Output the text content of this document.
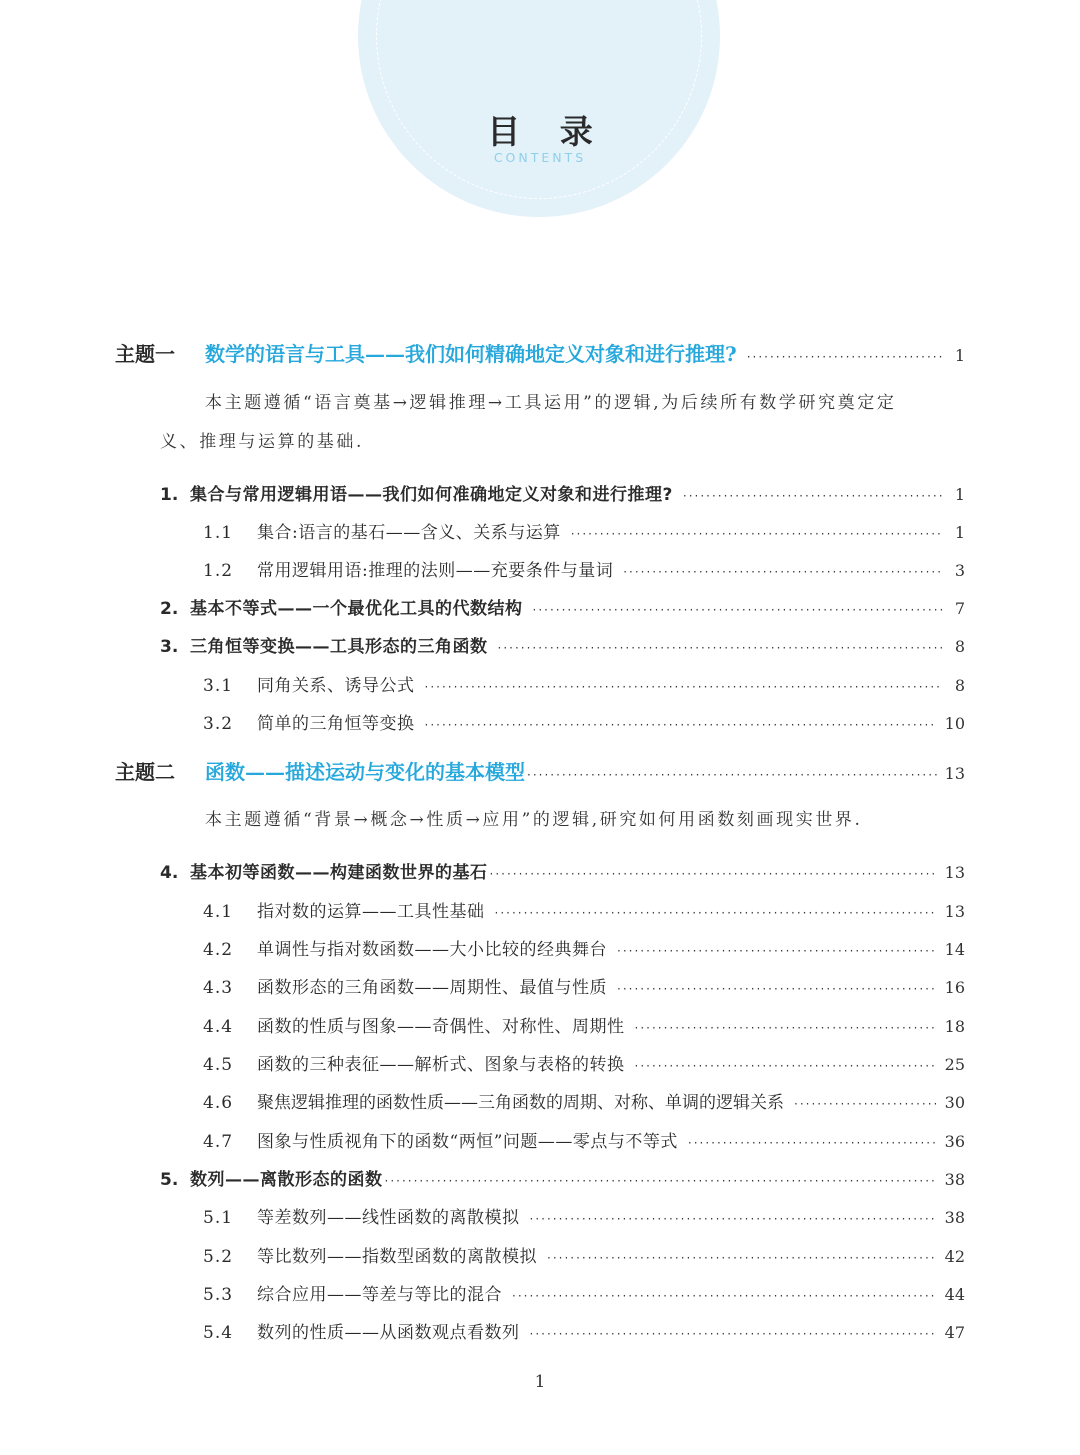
目 录
CONTENTS
主题一	数学的语言与工具——我们如何精确地定义对象和进行推理? ·····	1
本主题遵循“语言奠基→逻辑推理→工具运用”的逻辑,为后续所有数学研究奠定定
义、推理与运算的基础.
1. 集合与常用逻辑用语——我们如何准确地定义对象和进行推理? ·····	1
1.1	集合:语言的基石——含义、关系与运算 ·····	1
1.2	常用逻辑用语:推理的法则——充要条件与量词 ·····	3
2. 基本不等式——一个最优化工具的代数结构 ·····	7
3. 三角恒等变换——工具形态的三角函数 ·····	8
3.1	同角关系、诱导公式 ·····	8
3.2	简单的三角恒等变换 ·····	10
主题二	函数——描述运动与变化的基本模型 ·····	13
本主题遵循“背景→概念→性质→应用”的逻辑,研究如何用函数刻画现实世界.
4. 基本初等函数——构建函数世界的基石 ·····	13
4.1	指对数的运算——工具性基础 ·····	13
4.2	单调性与指对数函数——大小比较的经典舞台 ·····	14
4.3	函数形态的三角函数——周期性、最值与性质 ·····	16
4.4	函数的性质与图象——奇偶性、对称性、周期性 ·····	18
4.5	函数的三种表征——解析式、图象与表格的转换 ·····	25
4.6	聚焦逻辑推理的函数性质——三角函数的周期、对称、单调的逻辑关系 ·····	30
4.7	图象与性质视角下的函数“两恒”问题——零点与不等式 ·····	36
5. 数列——离散形态的函数 ·····	38
5.1	等差数列——线性函数的离散模拟 ·····	38
5.2	等比数列——指数型函数的离散模拟 ·····	42
5.3	综合应用——等差与等比的混合 ·····	44
5.4	数列的性质——从函数观点看数列 ·····	47
1
